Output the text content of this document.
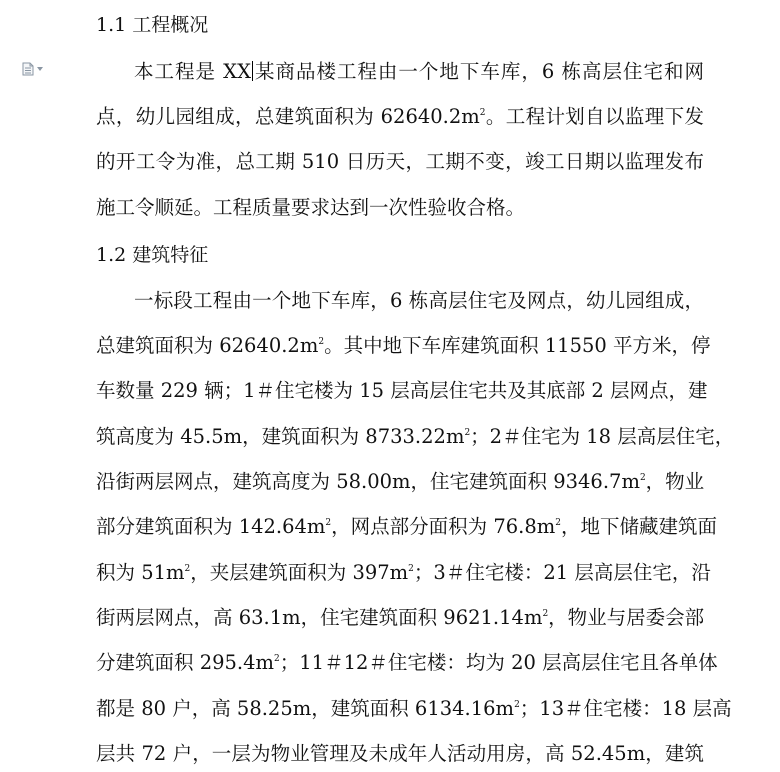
1.1 工程概况
本工程是 XX 某商品楼工程由一个地下车库，6 栋高层住宅和网
点，幼儿园组成，总建筑面积为 $62640.2m^2$。工程计划自以监理下发
的开工令为准，总工期 510 日历天，工期不变，竣工日期以监理发布
施工令顺延。工程质量要求达到一次性验收合格。
1.2 建筑特征
一标段工程由一个地下车库，6 栋高层住宅及网点，幼儿园组成，
总建筑面积为 $62640.2m^2$。其中地下车库建筑面积 11550 平方米，停
车数量 229 辆；1＃住宅楼为 15 层高层住宅共及其底部 2 层网点，建
筑高度为 45.5m，建筑面积为 $8733.22m^2$；2＃住宅为 18 层高层住宅，
沿街两层网点，建筑高度为 58.00m，住宅建筑面积 $9346.7m^2$，物业
部分建筑面积为 $142.64m^2$，网点部分面积为 $76.8m^2$，地下储藏建筑面
积为 $51m^2$，夹层建筑面积为 $397m^2$；3＃住宅楼：21 层高层住宅，沿
街两层网点，高 63.1m，住宅建筑面积 $9621.14m^2$，物业与居委会部
分建筑面积 $295.4m^2$；11＃12＃住宅楼：均为 20 层高层住宅且各单体
都是 80 户，高 58.25m，建筑面积 $6134.16m^2$；13＃住宅楼：18 层高
层共 72 户，一层为物业管理及未成年人活动用房，高 52.45m，建筑
